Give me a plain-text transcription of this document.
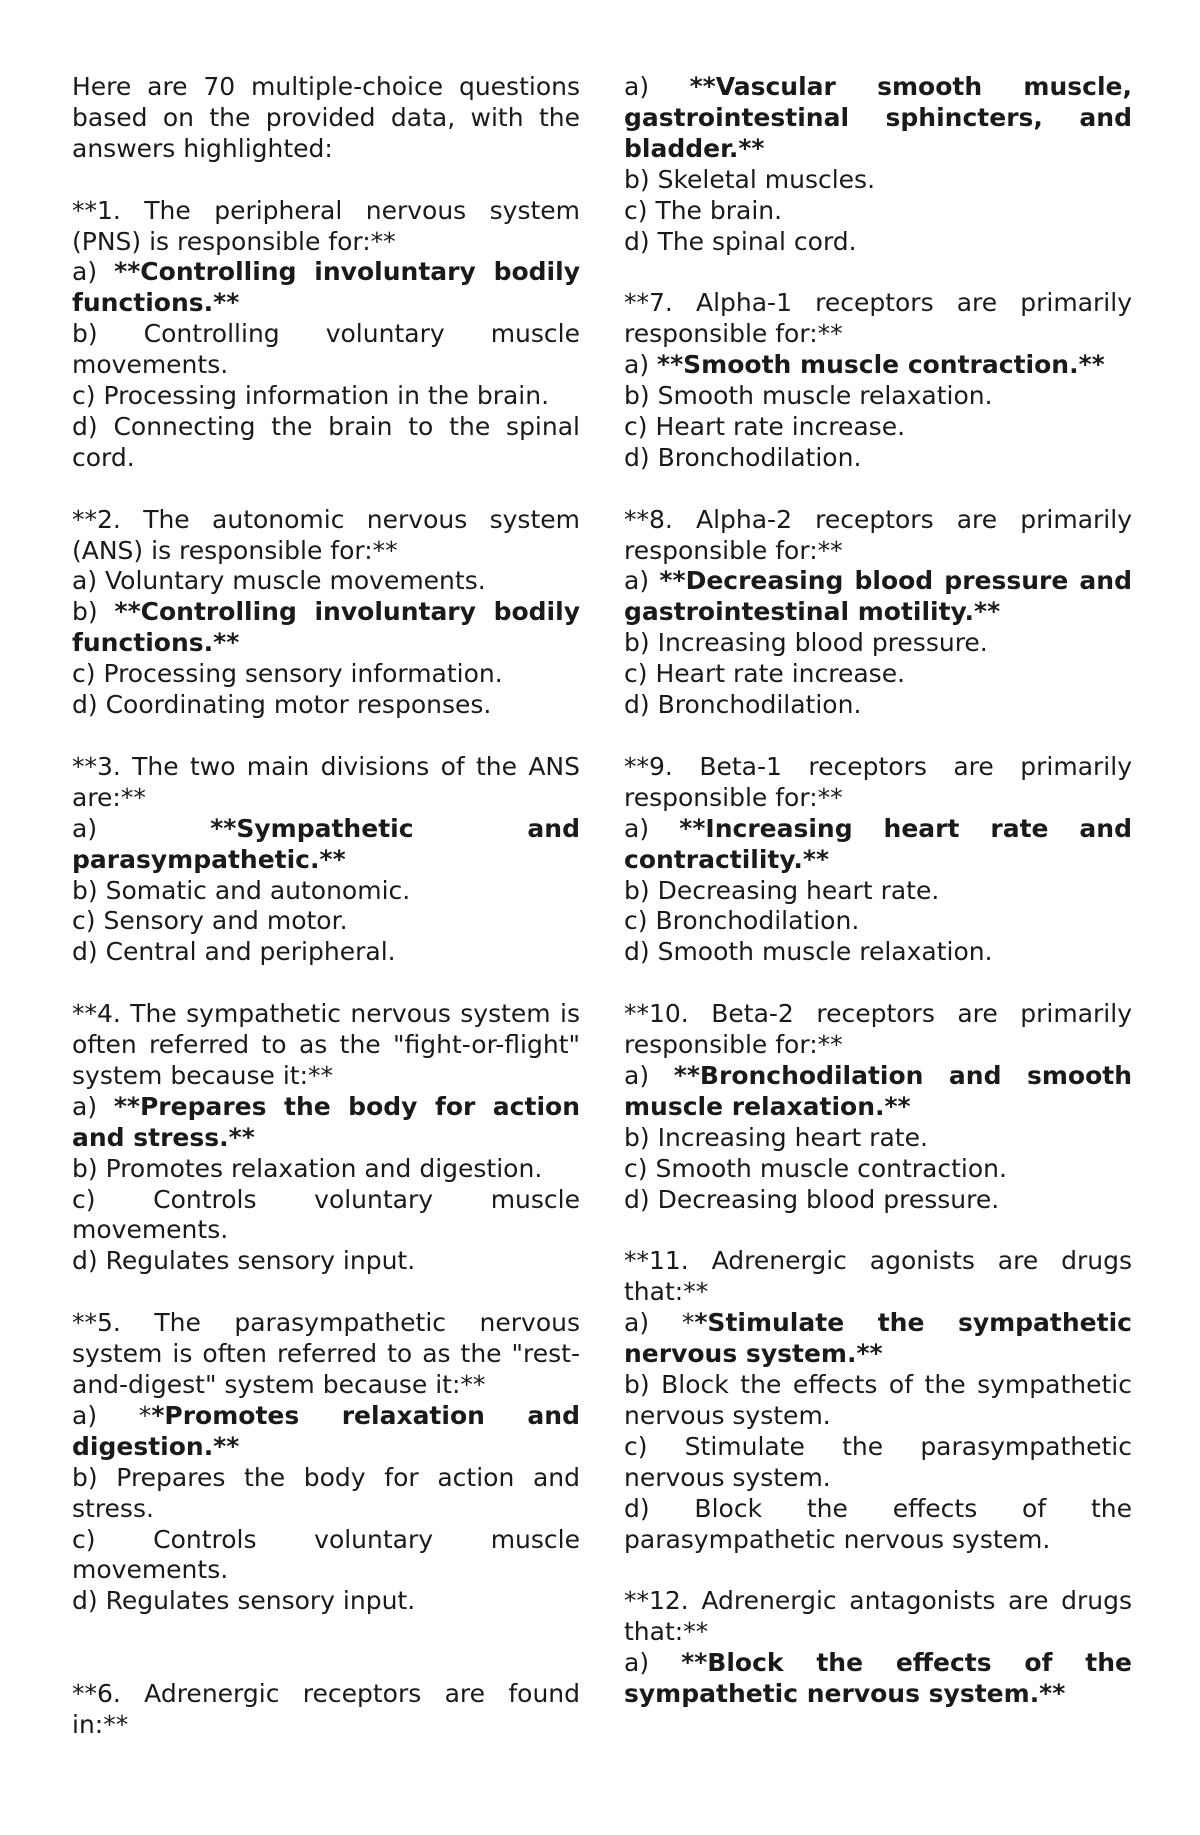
Here are 70 multiple-choice questions based on the provided data, with the answers highlighted:

**1. The peripheral nervous system (PNS) is responsible for:**

a) **Controlling involuntary bodily functions.**

b) Controlling voluntary muscle movements.

c) Processing information in the brain.

d) Connecting the brain to the spinal cord.

**2. The autonomic nervous system (ANS) is responsible for:**

a) Voluntary muscle movements.

b) **Controlling involuntary bodily functions.**

c) Processing sensory information.

d) Coordinating motor responses.

**3. The two main divisions of the ANS are:**

a) **Sympathetic and parasympathetic.**

b) Somatic and autonomic.

c) Sensory and motor.

d) Central and peripheral.

**4. The sympathetic nervous system is often referred to as the "fight-or-flight" system because it:**

a) **Prepares the body for action and stress.**

b) Promotes relaxation and digestion.

c) Controls voluntary muscle movements.

d) Regulates sensory input.

**5. The parasympathetic nervous system is often referred to as the "rest-and-digest" system because it:**

a) **Promotes relaxation and digestion.**

b) Prepares the body for action and stress.

c) Controls voluntary muscle movements.

d) Regulates sensory input.

**6. Adrenergic receptors are found in:**

a) **Vascular smooth muscle, gastrointestinal sphincters, and bladder.**

b) Skeletal muscles.

c) The brain.

d) The spinal cord.

**7. Alpha-1 receptors are primarily responsible for:**

a) **Smooth muscle contraction.**

b) Smooth muscle relaxation.

c) Heart rate increase.

d) Bronchodilation.

**8. Alpha-2 receptors are primarily responsible for:**

a) **Decreasing blood pressure and gastrointestinal motility.**

b) Increasing blood pressure.

c) Heart rate increase.

d) Bronchodilation.

**9. Beta-1 receptors are primarily responsible for:**

a) **Increasing heart rate and contractility.**

b) Decreasing heart rate.

c) Bronchodilation.

d) Smooth muscle relaxation.

**10. Beta-2 receptors are primarily responsible for:**

a) **Bronchodilation and smooth muscle relaxation.**

b) Increasing heart rate.

c) Smooth muscle contraction.

d) Decreasing blood pressure.

**11. Adrenergic agonists are drugs that:**

a) **Stimulate the sympathetic nervous system.**

b) Block the effects of the sympathetic nervous system.

c) Stimulate the parasympathetic nervous system.

d) Block the effects of the parasympathetic nervous system.

**12. Adrenergic antagonists are drugs that:**

a) **Block the effects of the sympathetic nervous system.**
